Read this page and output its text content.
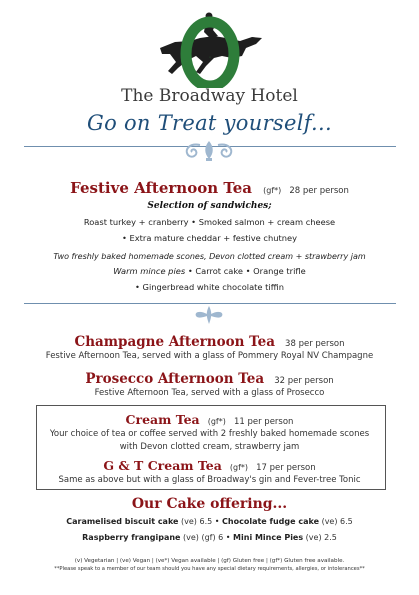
O
The Broadway Hotel
Go on Treat yourself...
Festive Afternoon Tea (gf*) 28 per person
Selection of sandwiches;
Roast turkey + cranberry • Smoked salmon + cream cheese
• Extra mature cheddar + festive chutney
Two freshly baked homemade scones, Devon clotted cream + strawberry jam
Warm mince pies • Carrot cake • Orange trifle
• Gingerbread white chocolate tiffin
Champagne Afternoon Tea 38 per person
Festive Afternoon Tea, served with a glass of Pommery Royal NV Champagne
Prosecco Afternoon Tea 32 per person
Festive Afternoon Tea, served with a glass of Prosecco
Cream Tea (gf*) 11 per person
Your choice of tea or coffee served with 2 freshly baked homemade scones
with Devon clotted cream, strawberry jam
G & T Cream Tea (gf*) 17 per person
Same as above but with a glass of Broadway's gin and Fever-tree Tonic
Our Cake offering...
Caramelised biscuit cake (ve) 6.5 • Chocolate fudge cake (ve) 6.5
Raspberry frangipane (ve) (gf) 6 • Mini Mince Pies (ve) 2.5
(v) Vegetarian | (ve) Vegan | (ve*) Vegan available | (gf) Gluten free | (gf*) Gluten free available.
**Please speak to a member of our team should you have any special dietary requirements, allergies, or intolerances**
